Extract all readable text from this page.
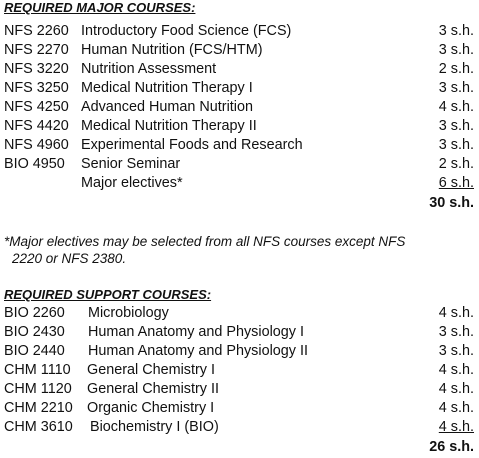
REQUIRED MAJOR COURSES:
NFS 2260 Introductory Food Science (FCS)	3 s.h.
NFS 2270 Human Nutrition (FCS/HTM)	3 s.h.
NFS 3220 Nutrition Assessment	2 s.h.
NFS 3250 Medical Nutrition Therapy I	3 s.h.
NFS 4250 Advanced Human Nutrition	4 s.h.
NFS 4420 Medical Nutrition Therapy II	3 s.h.
NFS 4960 Experimental Foods and Research	3 s.h.
BIO 4950 Senior Seminar	2 s.h.
Major electives*	6 s.h.
30 s.h.
*Major electives may be selected from all NFS courses except NFS
2220 or NFS 2380.
REQUIRED SUPPORT COURSES:
BIO 2260 Microbiology	4 s.h.
BIO 2430 Human Anatomy and Physiology I	3 s.h.
BIO 2440 Human Anatomy and Physiology II	3 s.h.
CHM 1110 General Chemistry I	4 s.h.
CHM 1120 General Chemistry II	4 s.h.
CHM 2210 Organic Chemistry I	4 s.h.
CHM 3610 Biochemistry I (BIO)	4 s.h.
26 s.h.
